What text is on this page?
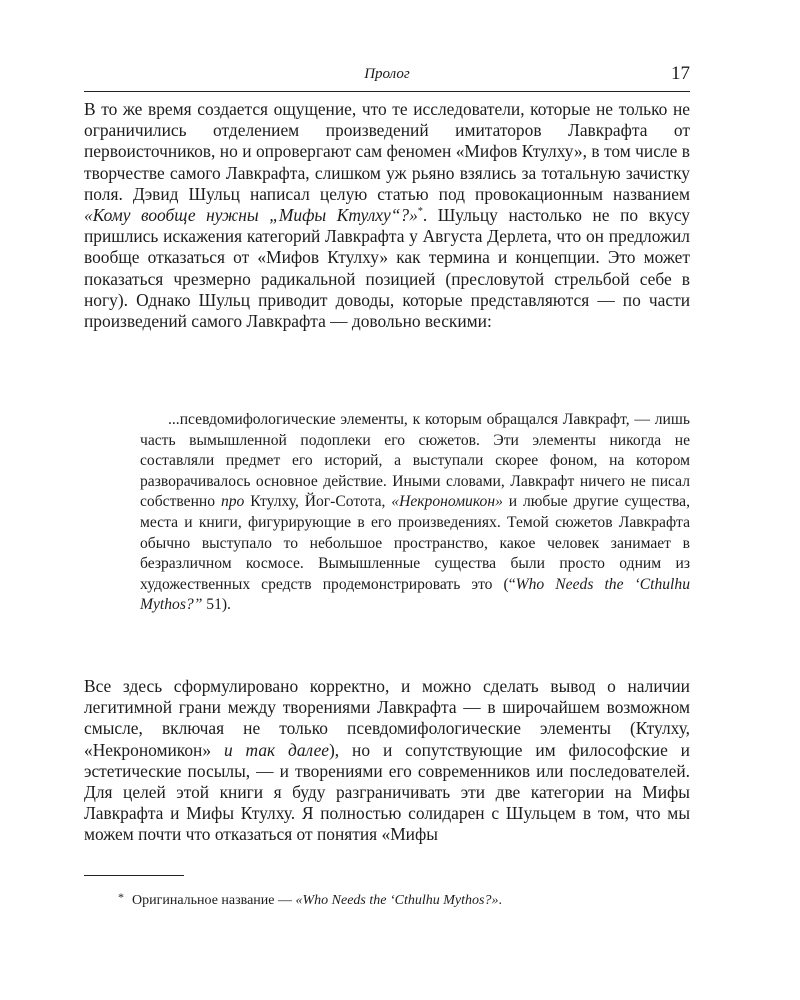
Пролог	17

В то же время создается ощущение, что те исследователи, которые не только не ограничились отделением произведений имитаторов Лавкрафта от первоисточников, но и опровергают сам феномен «Мифов Ктулху», в том числе в творчестве самого Лавкрафта, слишком уж рьяно взялись за тотальную зачистку поля. Дэвид Шульц написал целую статью под провокационным названием «Кому вообще нужны „Мифы Ктулху“?»*. Шульцу настолько не по вкусу пришлись искажения категорий Лавкрафта у Августа Дерлета, что он предложил вообще отказаться от «Мифов Ктулху» как термина и концепции. Это может показаться чрезмерно радикальной позицией (пресловутой стрельбой себе в ногу). Однако Шульц приводит доводы, которые представляются — по части произведений самого Лавкрафта — довольно вескими:

...псевдомифологические элементы, к которым обращался Лавкрафт, — лишь часть вымышленной подоплеки его сюжетов. Эти элементы никогда не составляли предмет его историй, а выступали скорее фоном, на котором разворачивалось основное действие. Иными словами, Лавкрафт ничего не писал собственно про Ктулху, Йог-Сотота, «Некрономикон» и любые другие существа, места и книги, фигурирующие в его произведениях. Темой сюжетов Лавкрафта обычно выступало то небольшое пространство, какое человек занимает в безразличном космосе. Вымышленные существа были просто одним из художественных средств продемонстрировать это (“Who Needs the ‘Cthulhu Mythos?” 51).

Все здесь сформулировано корректно, и можно сделать вывод о наличии легитимной грани между творениями Лавкрафта — в широчайшем возможном смысле, включая не только псевдомифологические элементы (Ктулху, «Некрономикон» и так далее), но и сопутствующие им философские и эстетические посылы, — и творениями его современников или последователей. Для целей этой книги я буду разграничивать эти две категории на Мифы Лавкрафта и Мифы Ктулху. Я полностью солидарен с Шульцем в том, что мы можем почти что отказаться от понятия «Мифы

* Оригинальное название — «Who Needs the ‘Cthulhu Mythos?».
